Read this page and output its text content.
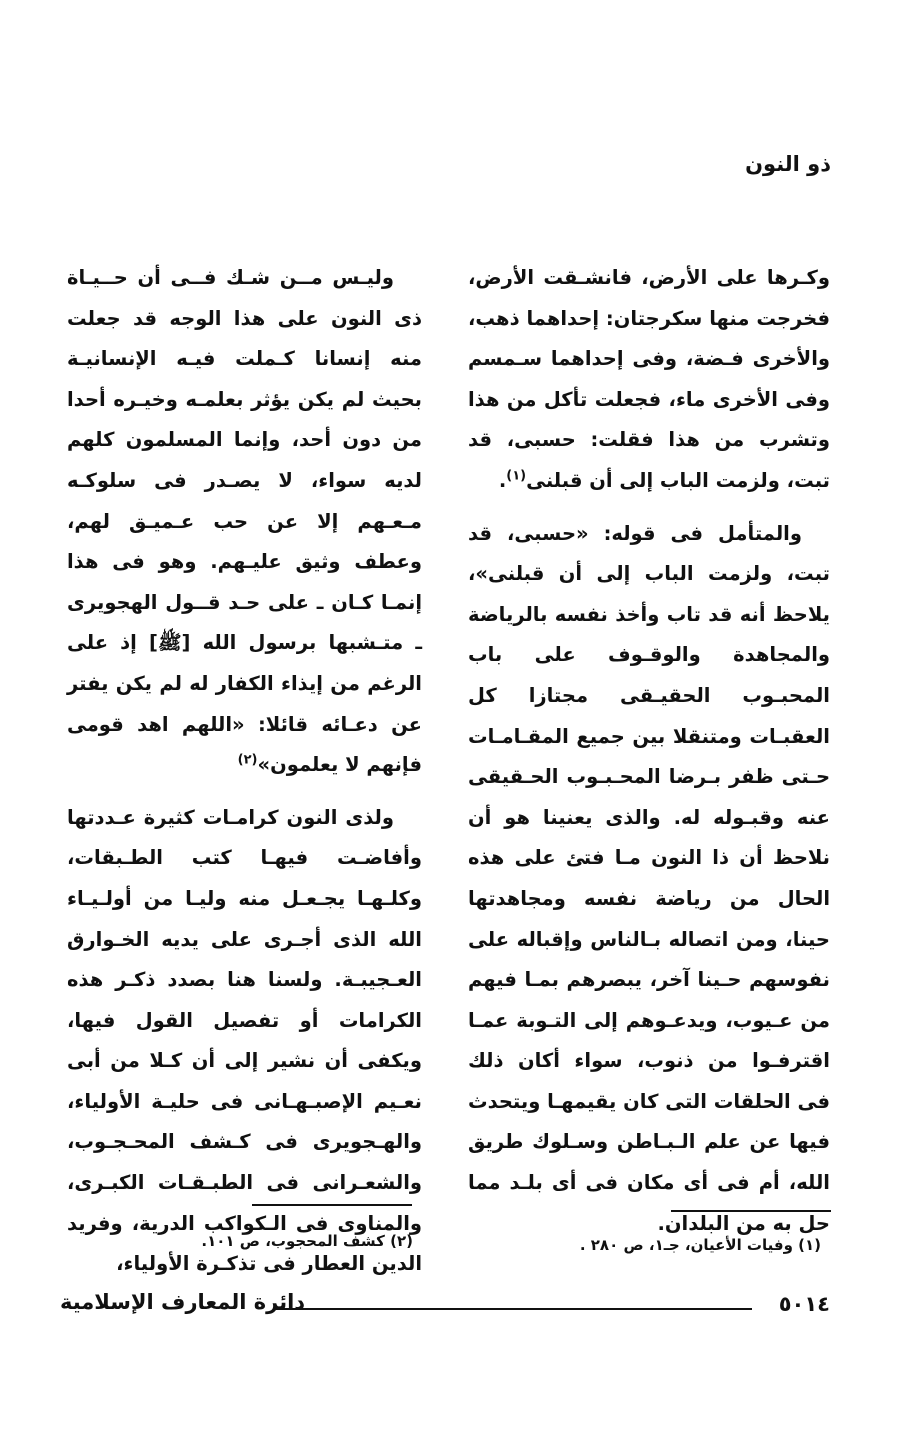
ذو النون

وكـرها على الأرض، فانشـقت الأرض، فخرجت منها سكرجتان: إحداهما ذهب، والأخرى فـضة، وفى إحداهما سـمسم وفى الأخرى ماء، فجعلت تأكل من هذا وتشرب من هذا فقلت: حسبى، قد تبت، ولزمت الباب إلى أن قبلنى$^{(١)}$.

والمتأمل فى قوله: «حسبى، قد تبت، ولزمت الباب إلى أن قبلنى»، يلاحظ أنه قد تاب وأخذ نفسه بالرياضة والمجاهدة والوقـوف على باب المحبـوب الحقيـقى مجتازا كل العقبـات ومتنقلا بين جميع المقـامـات حـتى ظفر بـرضا المحـبـوب الحـقيقى عنه وقبـوله له. والذى يعنينا هو أن نلاحظ أن ذا النون مـا فتئ على هذه الحال من رياضة نفسه ومجاهدتها حينا، ومن اتصاله بـالناس وإقباله على نفوسهم حـينا آخر، يبصرهم بمـا فيهم من عـيوب، ويدعـوهم إلى التـوبة عمـا اقترفـوا من ذنوب، سواء أكان ذلك فى الحلقات التى كان يقيمهـا ويتحدث فيها عن علم الـبـاطن وسـلوك طريق الله، أم فى أى مكان فى أى بلـد مما حل به من البلدان.

وليـس مــن شـك فــى أن حــيـاة ذى النون على هذا الوجه قد جعلت منه إنسانا كـملت فيـه الإنسانيـة بحيث لم يكن يؤثر بعلمـه وخيـره أحدا من دون أحد، وإنما المسلمون كلهم لديه سواء، لا يصـدر فى سلوكـه مـعـهم إلا عن حب عـميـق لهم، وعطف وثيق عليـهم. وهو فى هذا إنمـا كـان ـ على حـد قــول الهجويرى ـ متـشبها برسول الله [ﷺ] إذ على الرغم من إيذاء الكفار له لم يكن يفتر عن دعـائه قائلا: «اللهم اهد قومى فإنهم لا يعلمون»$^{(٢)}$

ولذى النون كرامـات كثيرة عـددتها وأفاضـت فيهـا كتب الطـبقات، وكلـهـا يجـعـل منه وليـا من أولـيـاء الله الذى أجـرى على يديه الخـوارق العـجيبـة. ولسنا هنا بصدد ذكـر هذه الكرامات أو تفصيل القول فيها، ويكفى أن نشير إلى أن كـلا من أبى نعـيم الإصبـهـانى فى حليـة الأولياء، والهـجويرى فى كـشف المحـجـوب، والشعـرانى فى الطبـقـات الكبـرى، والمناوى فى الـكواكب الدرية، وفريد الدين العطار فى تذكـرة الأولياء،

(١) وفيات الأعيان، جـ١، ص ٢٨٠ .
(٢) كشف المحجوب، ص ١٠١.
٥٠١٤
دائرة المعارف الإسلامية
